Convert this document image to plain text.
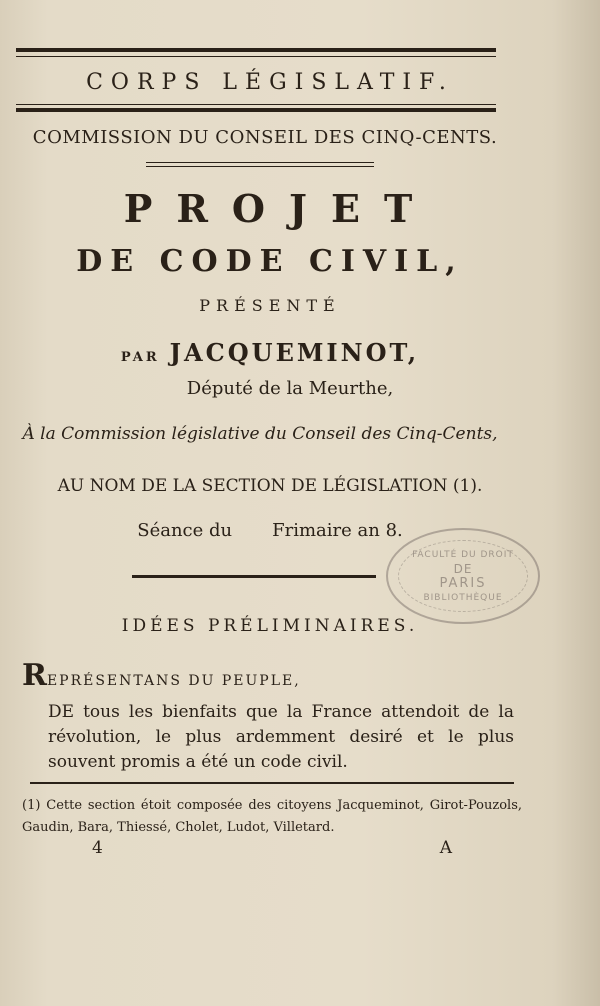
CORPS LÉGISLATIF.
COMMISSION DU CONSEIL DES CINQ-CENTS.
PROJET
DE CODE CIVIL,
PRÉSENTÉ
PAR JACQUEMINOT,
Député de la Meurthe,
À la Commission législative du Conseil des Cinq-Cents,
AU NOM DE LA SECTION DE LÉGISLATION (1).
Séance du Frimaire an 8.
FACULTÉ DU DROIT
DE
PARIS
BIBLIOTHÈQUE
IDÉES PRÉLIMINAIRES.
REPRÉSENTANS DU PEUPLE,
DE tous les bienfaits que la France attendoit de la révolution, le plus ardemment desiré et le plus souvent promis a été un code civil.
(1) Cette section étoit composée des citoyens Jacqueminot, Girot-Pouzols, Gaudin, Bara, Thiessé, Cholet, Ludot, Villetard.
4	A
